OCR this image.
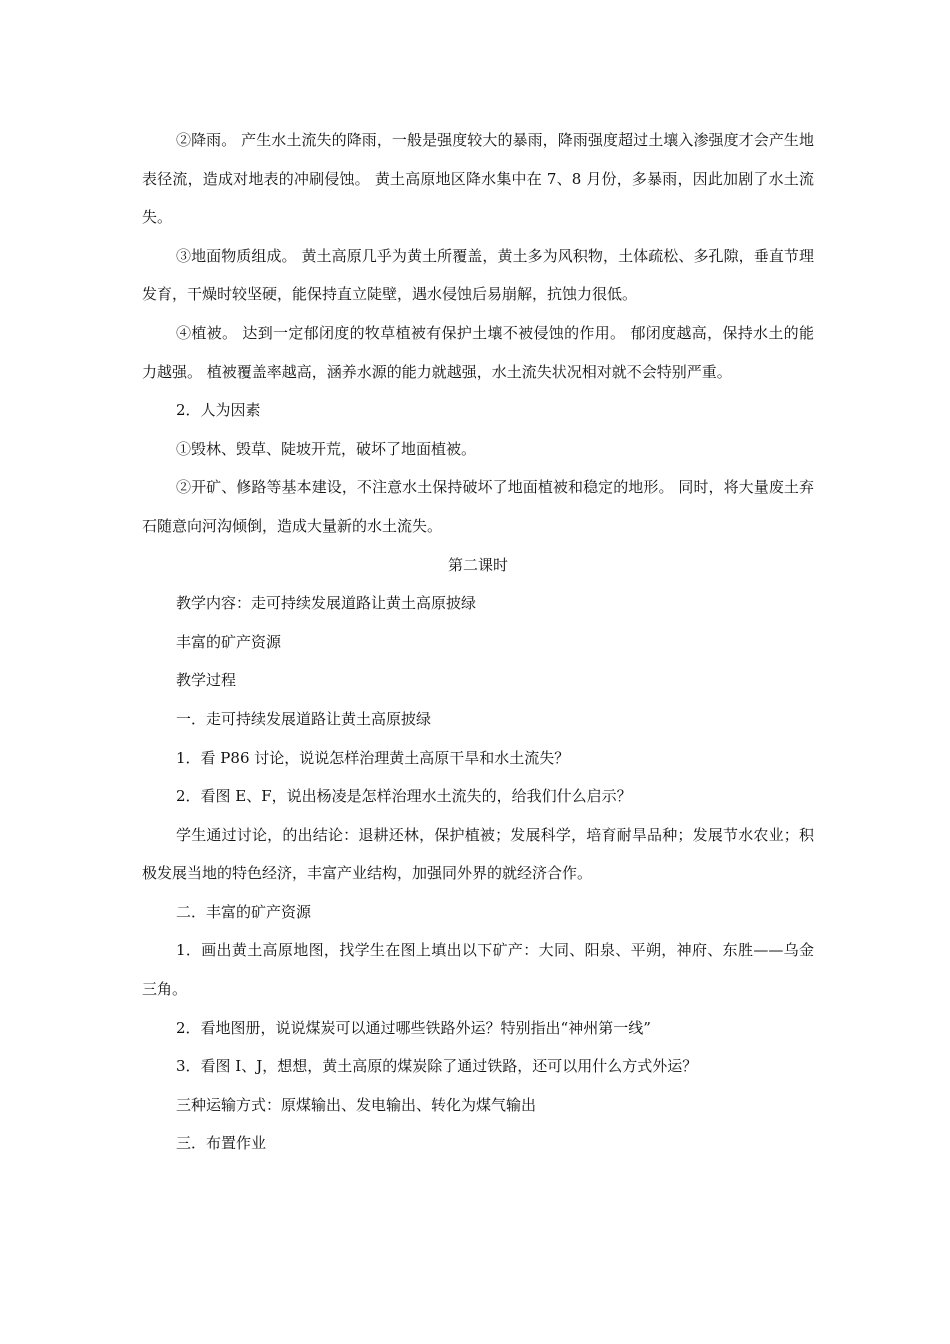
②降雨。 产生水土流失的降雨，一般是强度较大的暴雨，降雨强度超过土壤入渗强度才会产生地表径流，造成对地表的冲刷侵蚀。 黄土高原地区降水集中在 7、8 月份，多暴雨，因此加剧了水土流失。

③地面物质组成。 黄土高原几乎为黄土所覆盖，黄土多为风积物，土体疏松、多孔隙，垂直节理发育，干燥时较坚硬，能保持直立陡壁，遇水侵蚀后易崩解，抗蚀力很低。

④植被。 达到一定郁闭度的牧草植被有保护土壤不被侵蚀的作用。 郁闭度越高，保持水土的能力越强。 植被覆盖率越高，涵养水源的能力就越强，水土流失状况相对就不会特别严重。

2．人为因素

①毁林、毁草、陡坡开荒，破坏了地面植被。

②开矿、修路等基本建设，不注意水土保持破坏了地面植被和稳定的地形。 同时，将大量废土弃石随意向河沟倾倒，造成大量新的水土流失。

第二课时

教学内容：走可持续发展道路让黄土高原披绿

丰富的矿产资源

教学过程

一．走可持续发展道路让黄土高原披绿

1．看 P86 讨论，说说怎样治理黄土高原干旱和水土流失？

2．看图 E、F，说出杨凌是怎样治理水土流失的，给我们什么启示？

学生通过讨论，的出结论：退耕还林，保护植被；发展科学，培育耐旱品种；发展节水农业；积极发展当地的特色经济，丰富产业结构，加强同外界的就经济合作。

二．丰富的矿产资源

1．画出黄土高原地图，找学生在图上填出以下矿产：大同、阳泉、平朔，神府、东胜——乌金三角。

2．看地图册，说说煤炭可以通过哪些铁路外运？特别指出“神州第一线”

3．看图 I、J，想想，黄土高原的煤炭除了通过铁路，还可以用什么方式外运？

三种运输方式：原煤输出、发电输出、转化为煤气输出

三．布置作业
